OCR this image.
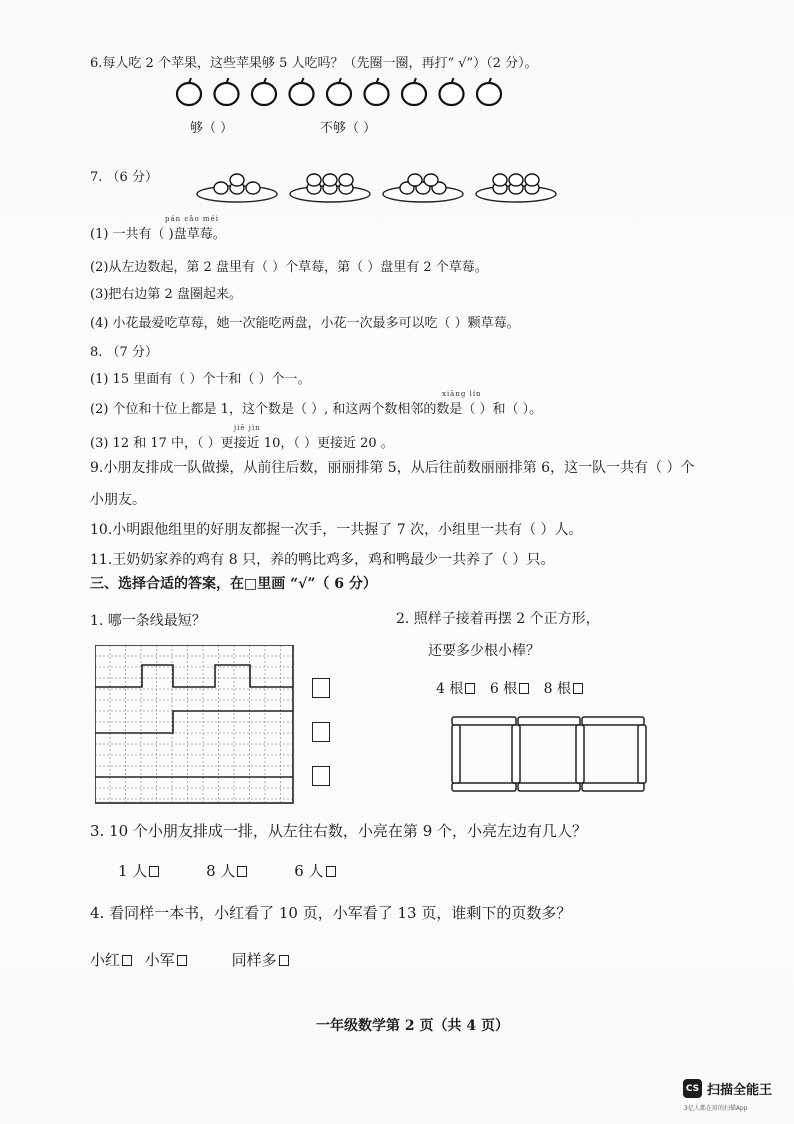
6.每人吃 2 个苹果，这些苹果够 5 人吃吗？（先圈一圈，再打“ √”）（2 分）。
够（ ）	不够（ ）
7. （6 分）
pán cǎo méi
(1) 一共有（ )盘草莓。
(2)从左边数起，第 2 盘里有（ ）个草莓，第（ ）盘里有 2 个草莓。
(3)把右边第 2 盘圈起来。
(4) 小花最爱吃草莓，她一次能吃两盘，小花一次最多可以吃（ ）颗草莓。
8. （7 分）
(1) 15 里面有（ ）个十和（ ）个一。
xiāng lín
(2) 个位和十位上都是 1，这个数是（ ）, 和这两个数相邻的数是（ ）和（ ）。
jiē jìn
(3) 12 和 17 中，（ ）更接近 10，（ ）更接近 20 。
9.小朋友排成一队做操，从前往后数，丽丽排第 5，从后往前数丽丽排第 6，这一队一共有（ ）个
小朋友。
10.小明跟他组里的好朋友都握一次手，一共握了 7 次，小组里一共有（ ）人。
11.王奶奶家养的鸡有 8 只，养的鸭比鸡多，鸡和鸭最少一共养了（ ）只。
三、选择合适的答案，在□里画 “√”（ 6 分）
1. 哪一条线最短？	2. 照样子接着再摆 2 个正方形，
还要多少根小棒？
4 根 6 根 8 根
3. 10 个小朋友排成一排，从左往右数，小亮在第 9 个，小亮左边有几人？
1 人	8 人	6 人
4. 看同样一本书，小红看了 10 页，小军看了 13 页，谁剩下的页数多？
小红 小军	同样多
一年级数学第 2 页（共 4 页）
CS 扫描全能王
3亿人都在用的扫描App
